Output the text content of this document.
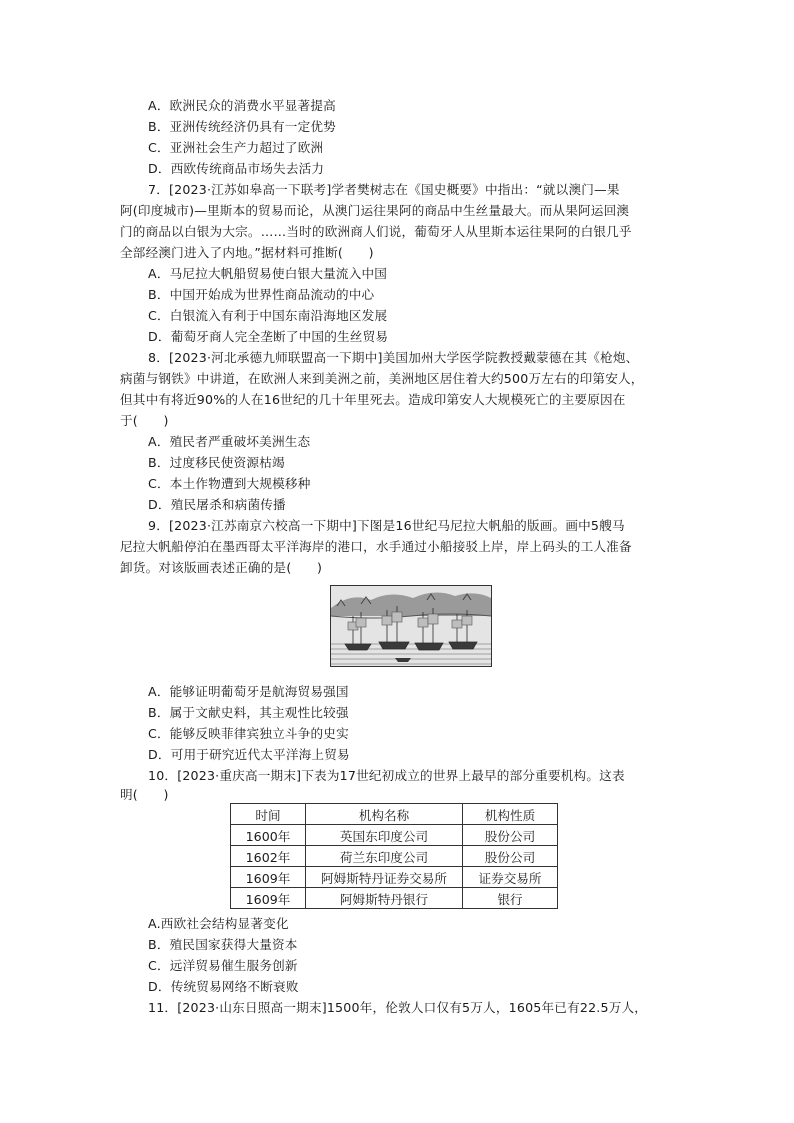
A．欧洲民众的消费水平显著提高
B．亚洲传统经济仍具有一定优势
C．亚洲社会生产力超过了欧洲
D．西欧传统商品市场失去活力
7．[2023·江苏如皋高一下联考]学者樊树志在《国史概要》中指出：“就以澳门—果
阿(印度城市)—里斯本的贸易而论，从澳门运往果阿的商品中生丝量最大。而从果阿运回澳
门的商品以白银为大宗。……当时的欧洲商人们说，葡萄牙人从里斯本运往果阿的白银几乎
全部经澳门进入了内地。”据材料可推断(　　)
A．马尼拉大帆船贸易使白银大量流入中国
B．中国开始成为世界性商品流动的中心
C．白银流入有利于中国东南沿海地区发展
D．葡萄牙商人完全垄断了中国的生丝贸易
8．[2023·河北承德九师联盟高一下期中]美国加州大学医学院教授戴蒙德在其《枪炮、
病菌与钢铁》中讲道，在欧洲人来到美洲之前，美洲地区居住着大约500万左右的印第安人，
但其中有将近90%的人在16世纪的几十年里死去。造成印第安人大规模死亡的主要原因在
于(　　)
A．殖民者严重破坏美洲生态
B．过度移民使资源枯竭
C．本土作物遭到大规模移种
D．殖民屠杀和病菌传播
9．[2023·江苏南京六校高一下期中]下图是16世纪马尼拉大帆船的版画。画中5艘马
尼拉大帆船停泊在墨西哥太平洋海岸的港口，水手通过小船接驳上岸，岸上码头的工人准备
卸货。对该版画表述正确的是(　　)
A．能够证明葡萄牙是航海贸易强国
B．属于文献史料，其主观性比较强
C．能够反映菲律宾独立斗争的史实
D．可用于研究近代太平洋海上贸易
10．[2023·重庆高一期末]下表为17世纪初成立的世界上最早的部分重要机构。这表
明(　　)
时间	机构名称	机构性质
1600年	英国东印度公司	股份公司
1602年	荷兰东印度公司	股份公司
1609年	阿姆斯特丹证券交易所	证券交易所
1609年	阿姆斯特丹银行	银行
A.西欧社会结构显著变化
B．殖民国家获得大量资本
C．远洋贸易催生服务创新
D．传统贸易网络不断衰败
11．[2023·山东日照高一期末]1500年，伦敦人口仅有5万人，1605年已有22.5万人，
